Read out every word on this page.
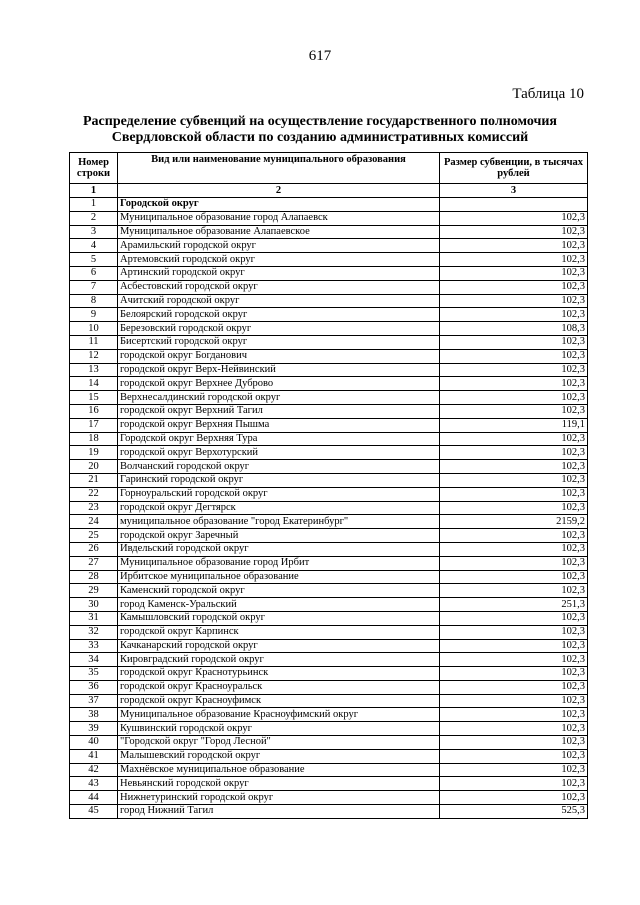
617
Таблица 10
Распределение субвенций на осуществление государственного полномочия
Свердловской области по созданию административных комиссий
Номер строки	Вид или наименование муниципального образования	Размер субвенции, в тысячах рублей
1	2	3
1	Городской округ	
2	Муниципальное образование город Алапаевск	102,3
3	Муниципальное образование Алапаевское	102,3
4	Арамильский городской округ	102,3
5	Артемовский городской округ	102,3
6	Артинский городской округ	102,3
7	Асбестовский городской округ	102,3
8	Ачитский городской округ	102,3
9	Белоярский городской округ	102,3
10	Березовский городской округ	108,3
11	Бисертский городской округ	102,3
12	городской округ Богданович	102,3
13	городской округ Верх-Нейвинский	102,3
14	городской округ Верхнее Дуброво	102,3
15	Верхнесалдинский городской округ	102,3
16	городской округ Верхний Тагил	102,3
17	городской округ Верхняя Пышма	119,1
18	Городской округ Верхняя Тура	102,3
19	городской округ Верхотурский	102,3
20	Волчанский городской округ	102,3
21	Гаринский городской округ	102,3
22	Горноуральский городской округ	102,3
23	городской округ Дегтярск	102,3
24	муниципальное образование "город Екатеринбург"	2159,2
25	городской округ Заречный	102,3
26	Ивдельский городской округ	102,3
27	Муниципальное образование город Ирбит	102,3
28	Ирбитское муниципальное образование	102,3
29	Каменский городской округ	102,3
30	город Каменск-Уральский	251,3
31	Камышловский городской округ	102,3
32	городской округ Карпинск	102,3
33	Качканарский городской округ	102,3
34	Кировградский городской округ	102,3
35	городской округ Краснотурьинск	102,3
36	городской округ Красноуральск	102,3
37	городской округ Красноуфимск	102,3
38	Муниципальное образование Красноуфимский округ	102,3
39	Кушвинский городской округ	102,3
40	"Городской округ "Город Лесной"	102,3
41	Малышевский городской округ	102,3
42	Махнёвское муниципальное образование	102,3
43	Невьянский городской округ	102,3
44	Нижнетуринский городской округ	102,3
45	город Нижний Тагил	525,3
